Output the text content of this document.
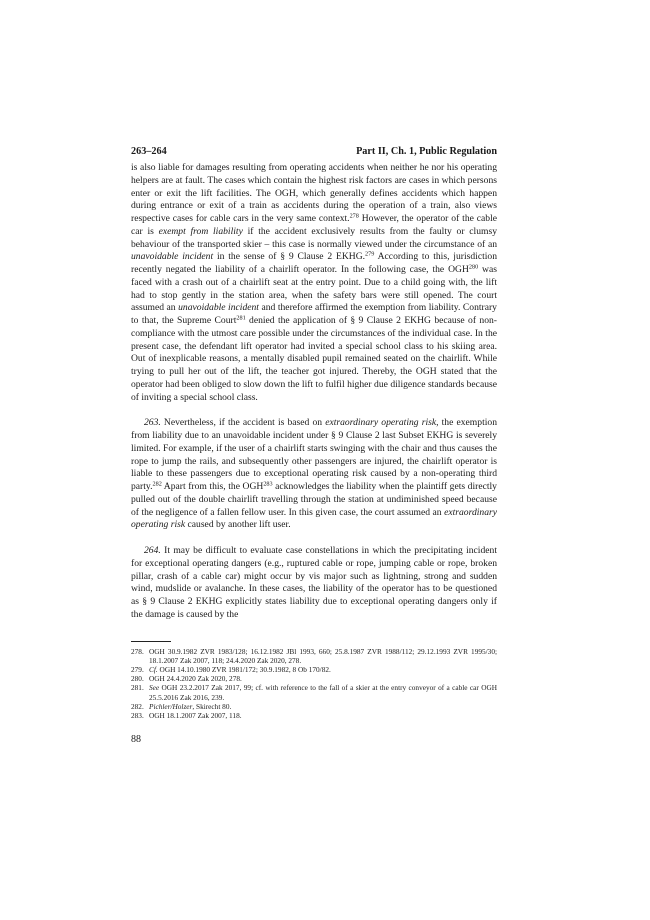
263–264	Part II, Ch. 1, Public Regulation

is also liable for damages resulting from operating accidents when neither he nor his operating helpers are at fault. The cases which contain the highest risk factors are cases in which persons enter or exit the lift facilities. The OGH, which generally defines accidents which happen during entrance or exit of a train as accidents during the operation of a train, also views respective cases for cable cars in the very same context.$^{278}$ However, the operator of the cable car is exempt from liability if the accident exclusively results from the faulty or clumsy behaviour of the transported skier – this case is normally viewed under the circumstance of an unavoidable incident in the sense of § 9 Clause 2 EKHG.$^{279}$ According to this, jurisdiction recently negated the liability of a chairlift operator. In the following case, the OGH$^{280}$ was faced with a crash out of a chairlift seat at the entry point. Due to a child going with, the lift had to stop gently in the station area, when the safety bars were still opened. The court assumed an unavoidable incident and therefore affirmed the exemption from liability. Contrary to that, the Supreme Court$^{281}$ denied the application of § 9 Clause 2 EKHG because of non-compliance with the utmost care possible under the circumstances of the individual case. In the present case, the defendant lift operator had invited a special school class to his skiing area. Out of inexplicable reasons, a mentally disabled pupil remained seated on the chairlift. While trying to pull her out of the lift, the teacher got injured. Thereby, the OGH stated that the operator had been obliged to slow down the lift to fulfil higher due diligence standards because of inviting a special school class.

263. Nevertheless, if the accident is based on extraordinary operating risk, the exemption from liability due to an unavoidable incident under § 9 Clause 2 last Subset EKHG is severely limited. For example, if the user of a chairlift starts swinging with the chair and thus causes the rope to jump the rails, and subsequently other passengers are injured, the chairlift operator is liable to these passengers due to exceptional operating risk caused by a non-operating third party.$^{282}$ Apart from this, the OGH$^{283}$ acknowledges the liability when the plaintiff gets directly pulled out of the double chairlift travelling through the station at undiminished speed because of the negligence of a fallen fellow user. In this given case, the court assumed an extraordinary operating risk caused by another lift user.

264. It may be difficult to evaluate case constellations in which the precipitating incident for exceptional operating dangers (e.g., ruptured cable or rope, jumping cable or rope, broken pillar, crash of a cable car) might occur by vis major such as lightning, strong and sudden wind, mudslide or avalanche. In these cases, the liability of the operator has to be questioned as § 9 Clause 2 EKHG explicitly states liability due to exceptional operating dangers only if the damage is caused by the

278. OGH 30.9.1982 ZVR 1983/128; 16.12.1982 JBl 1993, 660; 25.8.1987 ZVR 1988/112; 29.12.1993 ZVR 1995/30; 18.1.2007 Zak 2007, 118; 24.4.2020 Zak 2020, 278.
279. Cf. OGH 14.10.1980 ZVR 1981/172; 30.9.1982, 8 Ob 170/82.
280. OGH 24.4.2020 Zak 2020, 278.
281. See OGH 23.2.2017 Zak 2017, 99; cf. with reference to the fall of a skier at the entry conveyor of a cable car OGH 25.5.2016 Zak 2016, 239.
282. Pichler/Holzer, Skirecht 80.
283. OGH 18.1.2007 Zak 2007, 118.
88
